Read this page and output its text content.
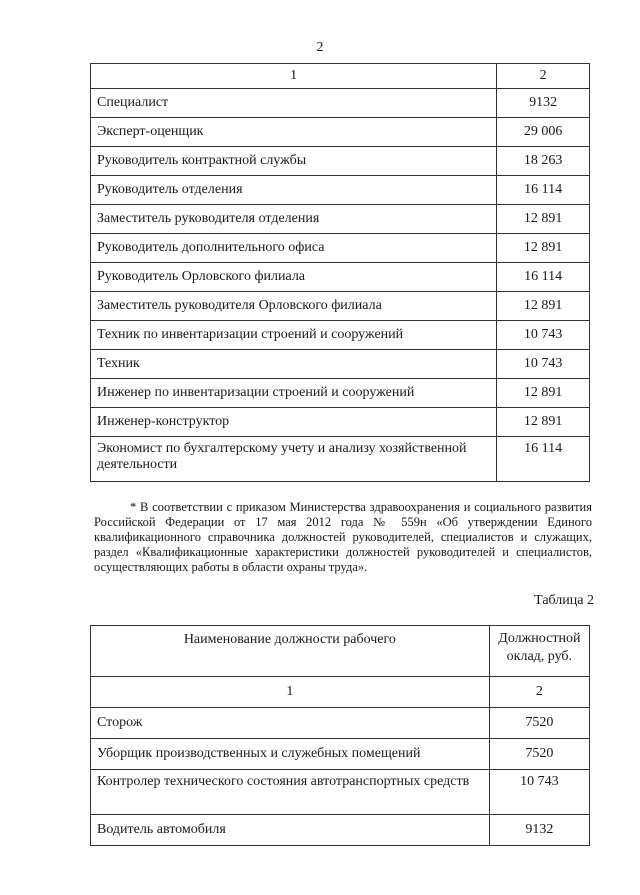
2
1	2
Специалист	9132
Эксперт-оценщик	29 006
Руководитель контрактной службы	18 263
Руководитель отделения	16 114
Заместитель руководителя отделения	12 891
Руководитель дополнительного офиса	12 891
Руководитель Орловского филиала	16 114
Заместитель руководителя Орловского филиала	12 891
Техник по инвентаризации строений и сооружений	10 743
Техник	10 743
Инженер по инвентаризации строений и сооружений	12 891
Инженер-конструктор	12 891
Экономист по бухгалтерскому учету и анализу хозяйственной деятельности	16 114
* В соответствии с приказом Министерства здравоохранения и социального развития Российской Федерации от 17 мая 2012 года № 559н «Об утверждении Единого квалификационного справочника должностей руководителей, специалистов и служащих, раздел «Квалификационные характеристики должностей руководителей и специалистов, осуществляющих работы в области охраны труда».
Таблица 2
Наименование должности рабочего	Должностной оклад, руб.
1	2
Сторож	7520
Уборщик производственных и служебных помещений	7520
Контролер технического состояния автотранспортных средств	10 743
Водитель автомобиля	9132
